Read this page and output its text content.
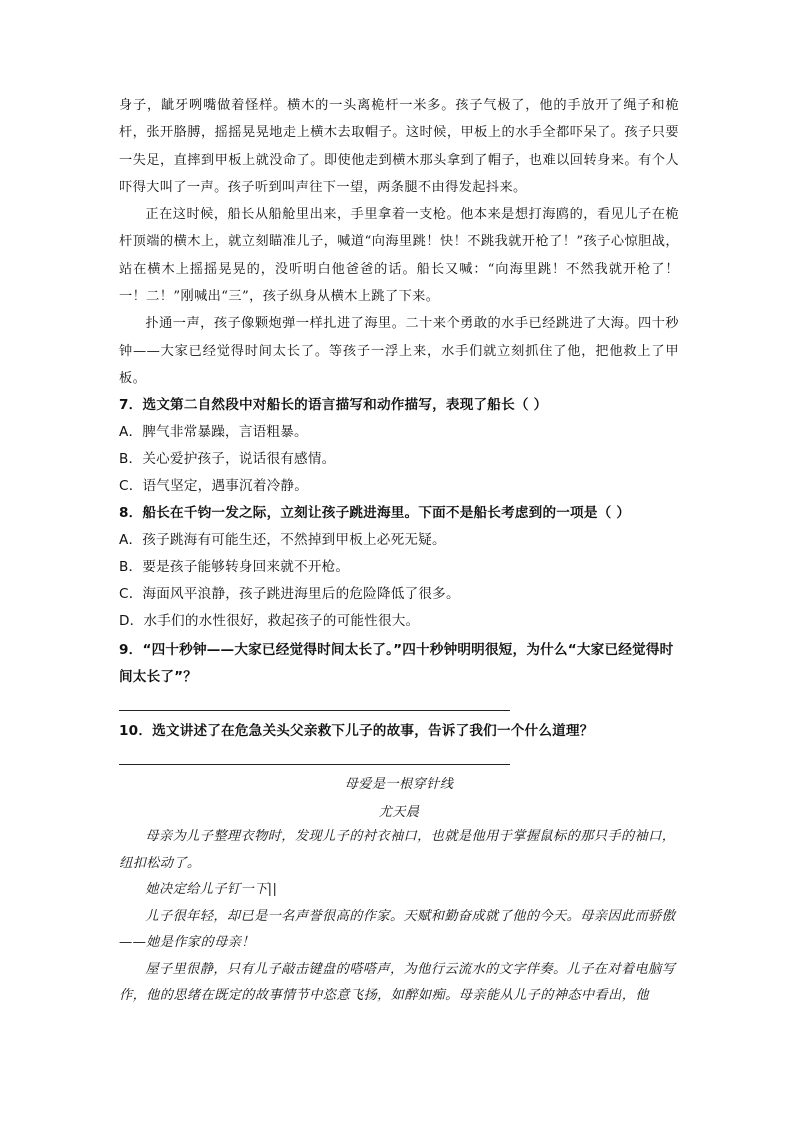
身子，龇牙咧嘴做着怪样。横木的一头离桅杆一米多。孩子气极了，他的手放开了绳子和桅杆，张开胳膊，摇摇晃晃地走上横木去取帽子。这时候，甲板上的水手全都吓呆了。孩子只要一失足，直摔到甲板上就没命了。即使他走到横木那头拿到了帽子，也难以回转身来。有个人吓得大叫了一声。孩子听到叫声往下一望，两条腿不由得发起抖来。

正在这时候，船长从船舱里出来，手里拿着一支枪。他本来是想打海鸥的，看见儿子在桅杆顶端的横木上，就立刻瞄准儿子，喊道“向海里跳！快！不跳我就开枪了！”孩子心惊胆战，站在横木上摇摇晃晃的，没听明白他爸爸的话。船长又喊：“向海里跳！不然我就开枪了！一！二！”刚喊出“三”，孩子纵身从横木上跳了下来。

扑通一声，孩子像颗炮弹一样扎进了海里。二十来个勇敢的水手已经跳进了大海。四十秒钟——大家已经觉得时间太长了。等孩子一浮上来，水手们就立刻抓住了他，把他救上了甲板。

7．选文第二自然段中对船长的语言描写和动作描写，表现了船长（ ）
A．脾气非常暴躁，言语粗暴。
B．关心爱护孩子，说话很有感情。
C．语气坚定，遇事沉着冷静。
8．船长在千钧一发之际，立刻让孩子跳进海里。下面不是船长考虑到的一项是（ ）
A．孩子跳海有可能生还，不然掉到甲板上必死无疑。
B．要是孩子能够转身回来就不开枪。
C．海面风平浪静，孩子跳进海里后的危险降低了很多。
D．水手们的水性很好，救起孩子的可能性很大。
9．“四十秒钟——大家已经觉得时间太长了。”四十秒钟明明很短，为什么“大家已经觉得时间太长了”？
10．选文讲述了在危急关头父亲救下儿子的故事，告诉了我们一个什么道理？

母爱是一根穿针线

尤天晨

母亲为儿子整理衣物时，发现儿子的衬衣袖口，也就是他用于掌握鼠标的那只手的袖口，纽扣松动了。

她决定给儿子钉一下||

儿子很年轻，却已是一名声誉很高的作家。天赋和勤奋成就了他的今天。母亲因此而骄傲——她是作家的母亲！

屋子里很静，只有儿子敲击键盘的嗒嗒声，为他行云流水的文字伴奏。儿子在对着电脑写作，他的思绪在既定的故事情节中恣意飞扬，如醉如痴。母亲能从儿子的神态中看出，他
